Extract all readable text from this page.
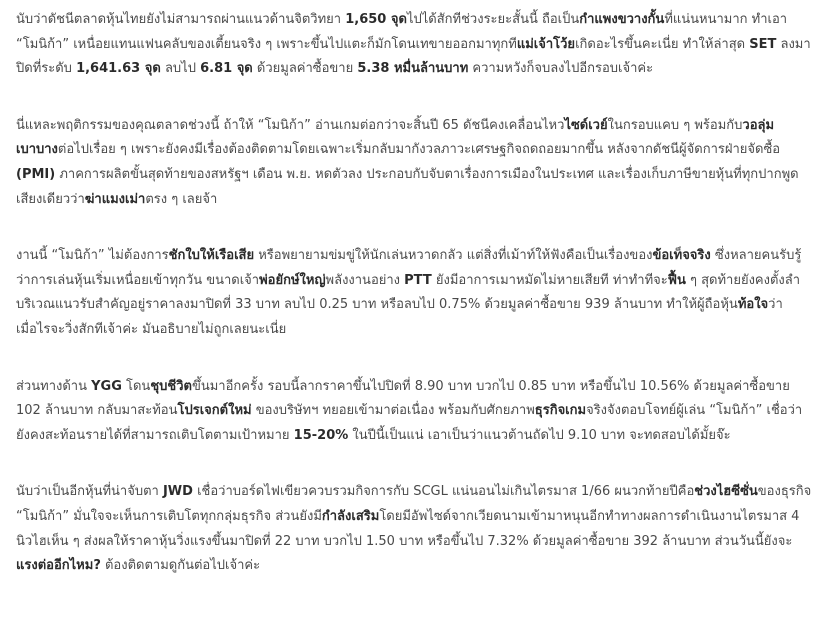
นับว่าดัชนีตลาดหุ้นไทยยังไม่สามารถผ่านแนวด้านจิตวิทยา 1,650 จุดไปได้สักทีช่วงระยะสั้นนี้ ถือเป็นกำแพงขวางกั้นที่แน่นหนามาก ทำเอา “โมนิก้า” เหนื่อยแทนแฟนคลับของเตี้ยนจริง ๆ เพราะขึ้นไปแตะก็มักโดนเทขายออกมาทุกทีแม่เจ้าโว้ยเกิดอะไรขึ้นคะเนี่ย ทำให้ล่าสุด SET ลงมาปิดที่ระดับ 1,641.63 จุด ลบไป 6.81 จุด ด้วยมูลค่าซื้อขาย 5.38 หมื่นล้านบาท ความหวังก็จบลงไปอีกรอบเจ้าค่ะ

นี่แหละพฤติกรรมของคุณตลาดช่วงนี้ ถ้าให้ “โมนิก้า” อ่านเกมต่อกว่าจะสิ้นปี 65 ดัชนีคงเคลื่อนไหวไซด์เวย์ในกรอบแคบ ๆ พร้อมกับวอลุ่มเบาบางต่อไปเรื่อย ๆ เพราะยังคงมีเรื่องต้องติดตามโดยเฉพาะเริ่มกลับมากังวลภาวะเศรษฐกิจถดถอยมากขึ้น หลังจากดัชนีผู้จัดการฝ่ายจัดซื้อ (PMI) ภาคการผลิตขั้นสุดท้ายของสหรัฐฯ เดือน พ.ย. หดตัวลง ประกอบกับจับตาเรื่องการเมืองในประเทศ และเรื่องเก็บภาษีขายหุ้นที่ทุกปากพูดเสียงเดียวว่าฆ่าแมงเม่าตรง ๆ เลยจ้า

งานนี้ “โมนิก้า” ไม่ต้องการชักใบให้เรือเสีย หรือพยายามข่มขู่ให้นักเล่นหวาดกลัว แต่สิ่งที่เม้าท์ให้ฟังคือเป็นเรื่องของข้อเท็จจริง ซึ่งหลายคนรับรู้ว่าการเล่นหุ้นเริ่มเหนื่อยเข้าทุกวัน ขนาดเจ้าพ่อยักษ์ใหญ่พลังงานอย่าง PTT ยังมีอาการเมาหมัดไม่หายเสียที ท่าทำทีจะฟื้น ๆ สุดท้ายยังคงตั้งลำบริเวณแนวรับสำคัญอยู่ราคาลงมาปิดที่ 33 บาท ลบไป 0.25 บาท หรือลบไป 0.75% ด้วยมูลค่าซื้อขาย 939 ล้านบาท ทำให้ผู้ถือหุ้นท้อใจว่าเมื่อไรจะวิ่งสักทีเจ้าค่ะ มันอธิบายไม่ถูกเลยนะเนี่ย

ส่วนทางด้าน YGG โดนชุบชีวิตขึ้นมาอีกครั้ง รอบนี้ลากราคาขึ้นไปปิดที่ 8.90 บาท บวกไป 0.85 บาท หรือขึ้นไป 10.56% ด้วยมูลค่าซื้อขาย 102 ล้านบาท กลับมาสะท้อนโปรเจกต์ใหม่ ของบริษัทฯ ทยอยเข้ามาต่อเนื่อง พร้อมกับศักยภาพธุรกิจเกมจริงจังตอบโจทย์ผู้เล่น “โมนิก้า” เชื่อว่ายังคงสะท้อนรายได้ที่สามารถเติบโตตามเป้าหมาย 15-20% ในปีนี้เป็นแน่ เอาเป็นว่าแนวต้านถัดไป 9.10 บาท จะทดสอบได้มั้ยจ๊ะ

นับว่าเป็นอีกหุ้นที่น่าจับตา JWD เชื่อว่าบอร์ดไฟเขียวควบรวมกิจการกับ SCGL แน่นอนไม่เกินไตรมาส 1/66 ผนวกท้ายปีคือช่วงไฮซีซั่นของธุรกิจ “โมนิก้า” มั่นใจจะเห็นการเติบโตทุกกลุ่มธุรกิจ ส่วนยังมีกำลังเสริมโดยมีอัพไซด์จากเวียดนามเข้ามาหนุนอีกทำทางผลการดำเนินงานไตรมาส 4 นิวไฮเห็น ๆ ส่งผลให้ราคาหุ้นวิ่งแรงขึ้นมาปิดที่ 22 บาท บวกไป 1.50 บาท หรือขึ้นไป 7.32% ด้วยมูลค่าซื้อขาย 392 ล้านบาท ส่วนวันนี้ยังจะแรงต่ออีกไหม? ต้องติดตามดูกันต่อไปเจ้าค่ะ
